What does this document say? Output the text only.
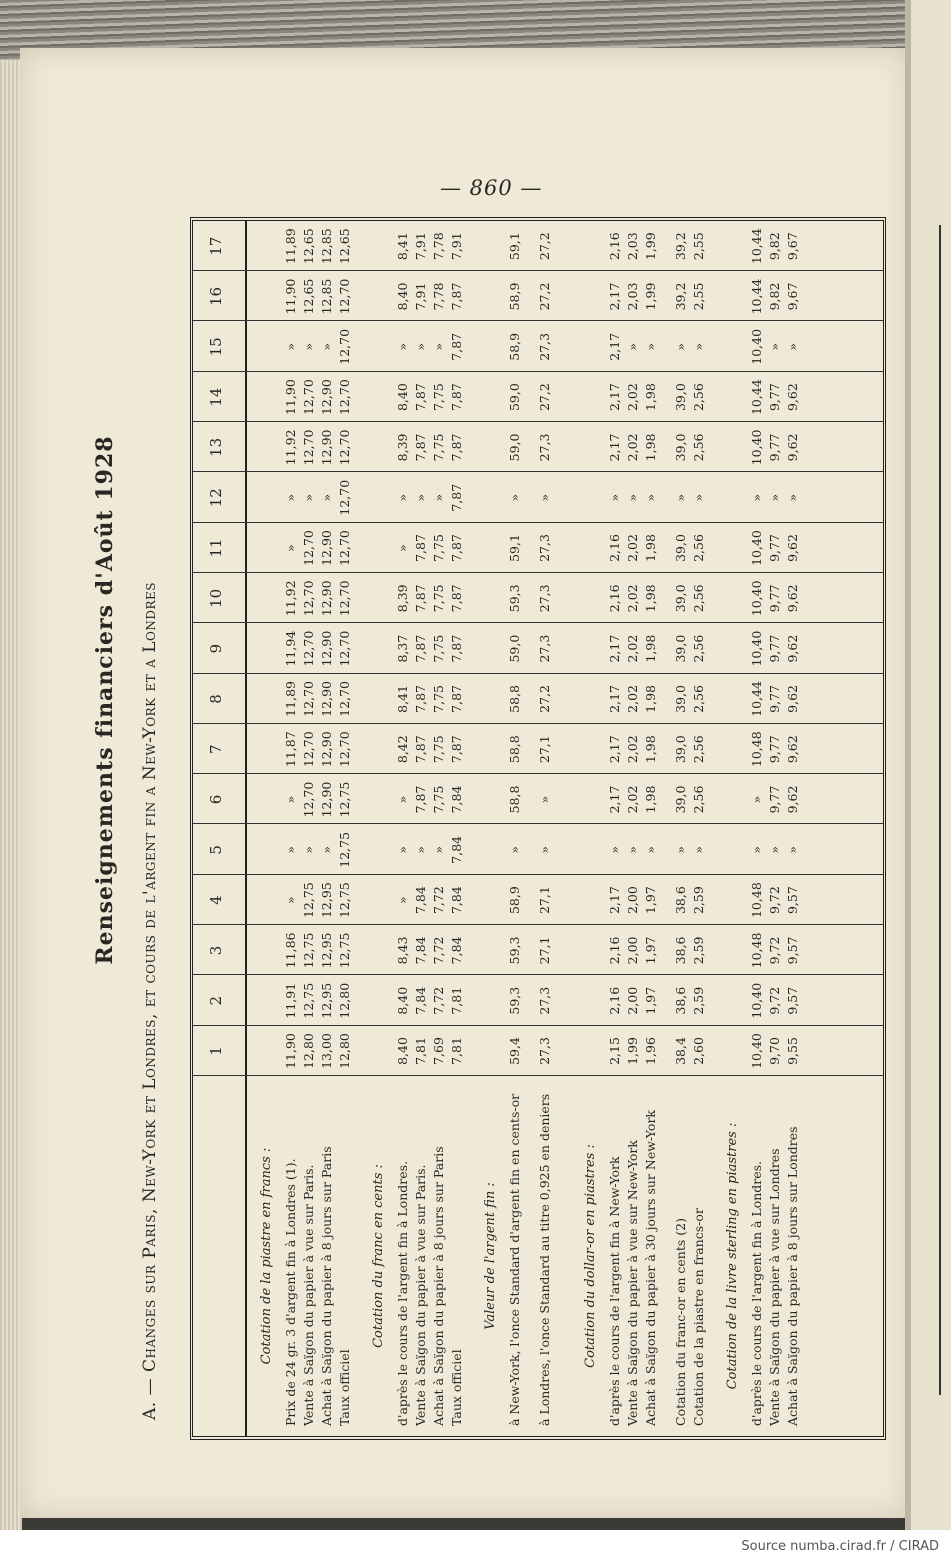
— 860 —
Renseignements financiers d'Août 1928 A. — Changes sur Paris, New-York et Londres, et cours de l'argent fin a New-York et a Londres	1
2
3
4
5
6
7
8
9
10
11
12
13
14
15
16
17
Cotation de la piastre en francs : Prix de 24 gr. 3 d'argent fin à Londres (1).
11,90
11,91
11,86
»
»
»
11,87
11,89
11,94
11,92
»
»
11,92
11,90
»
11,90
11,89
Vente à Saïgon du papier à vue sur Paris.
12,80
12,75
12,75
12,75
»
12,70
12,70
12,70
12,70
12,70
12,70
»
12,70
12,70
»
12,65
12,65
Achat à Saïgon du papier à 8 jours sur Paris
13,00
12,95
12,95
12,95
»
12,90
12,90
12,90
12,90
12,90
12,90
»
12,90
12,90
»
12,85
12,85
Taux officiel
12,80
12,80
12,75
12,75
12,75
12,75
12,70
12,70
12,70
12,70
12,70
12,70
12,70
12,70
12,70
12,70
12,65
Cotation du franc en cents : d'après le cours de l'argent fin à Londres.
8,40
8,40
8,43
»
»
»
8,42
8,41
8,37
8,39
»
»
8,39
8,40
»
8,40
8,41
Vente à Saïgon du papier à vue sur Paris.
7,81
7,84
7,84
7,84
»
7,87
7,87
7,87
7,87
7,87
7,87
»
7,87
7,87
»
7,91
7,91
Achat à Saïgon du papier à 8 jours sur Paris
7,69
7,72
7,72
7,72
»
7,75
7,75
7,75
7,75
7,75
7,75
»
7,75
7,75
»
7,78
7,78
Taux officiel
7,81
7,81
7,84
7,84
7,84
7,84
7,87
7,87
7,87
7,87
7,87
7,87
7,87
7,87
7,87
7,87
7,91
Valeur de l'argent fin : à New-York, l'once Standard d'argent fin en cents-or
59,4
59,3
59,3
58,9
»
58,8
58,8
58,8
59,0
59,3
59,1
»
59,0
59,0
58,9
58,9
59,1
à Londres, l'once Standard au titre 0,925 en deniers
27,3
27,3
27,1
27,1
»
»
27,1
27,2
27,3
27,3
27,3
»
27,3
27,2
27,3
27,2
27,2
Cotation du dollar-or en piastres : d'après le cours de l'argent fin à New-York
2,15
2,16
2,16
2,17
»
2,17
2,17
2,17
2,17
2,16
2,16
»
2,17
2,17
2,17
2,17
2,16
Vente à Saïgon du papier à vue sur New-York
1,99
2,00
2,00
2,00
»
2,02
2,02
2,02
2,02
2,02
2,02
»
2,02
2,02
»
2,03
2,03
Achat à Saïgon du papier à 30 jours sur New-York
1,96
1,97
1,97
1,97
»
1,98
1,98
1,98
1,98
1,98
1,98
»
1,98
1,98
»
1,99
1,99
Cotation du franc-or en cents (2)
38,4
38,6
38,6
38,6
»
39,0
39,0
39,0
39,0
39,0
39,0
»
39,0
39,0
»
39,2
39,2
Cotation de la piastre en francs-or
2,60
2,59
2,59
2,59
»
2,56
2,56
2,56
2,56
2,56
2,56
»
2,56
2,56
»
2,55
2,55
Cotation de la livre sterling en piastres : d'après le cours de l'argent fin à Londres.
10,40
10,40
10,48
10,48
»
»
10,48
10,44
10,40
10,40
10,40
»
10,40
10,44
10,40
10,44
10,44
Vente à Saïgon du papier à vue sur Londres
9,70
9,72
9,72
9,72
»
9,77
9,77
9,77
9,77
9,77
9,77
»
9,77
9,77
»
9,82
9,82
Achat à Saïgon du papier à 8 jours sur Londres
9,55
9,57
9,57
9,57
»
9,62
9,62
9,62
9,62
9,62
9,62
»
9,62
9,62
»
9,67
9,67
Source numba.cirad.fr / CIRAD
